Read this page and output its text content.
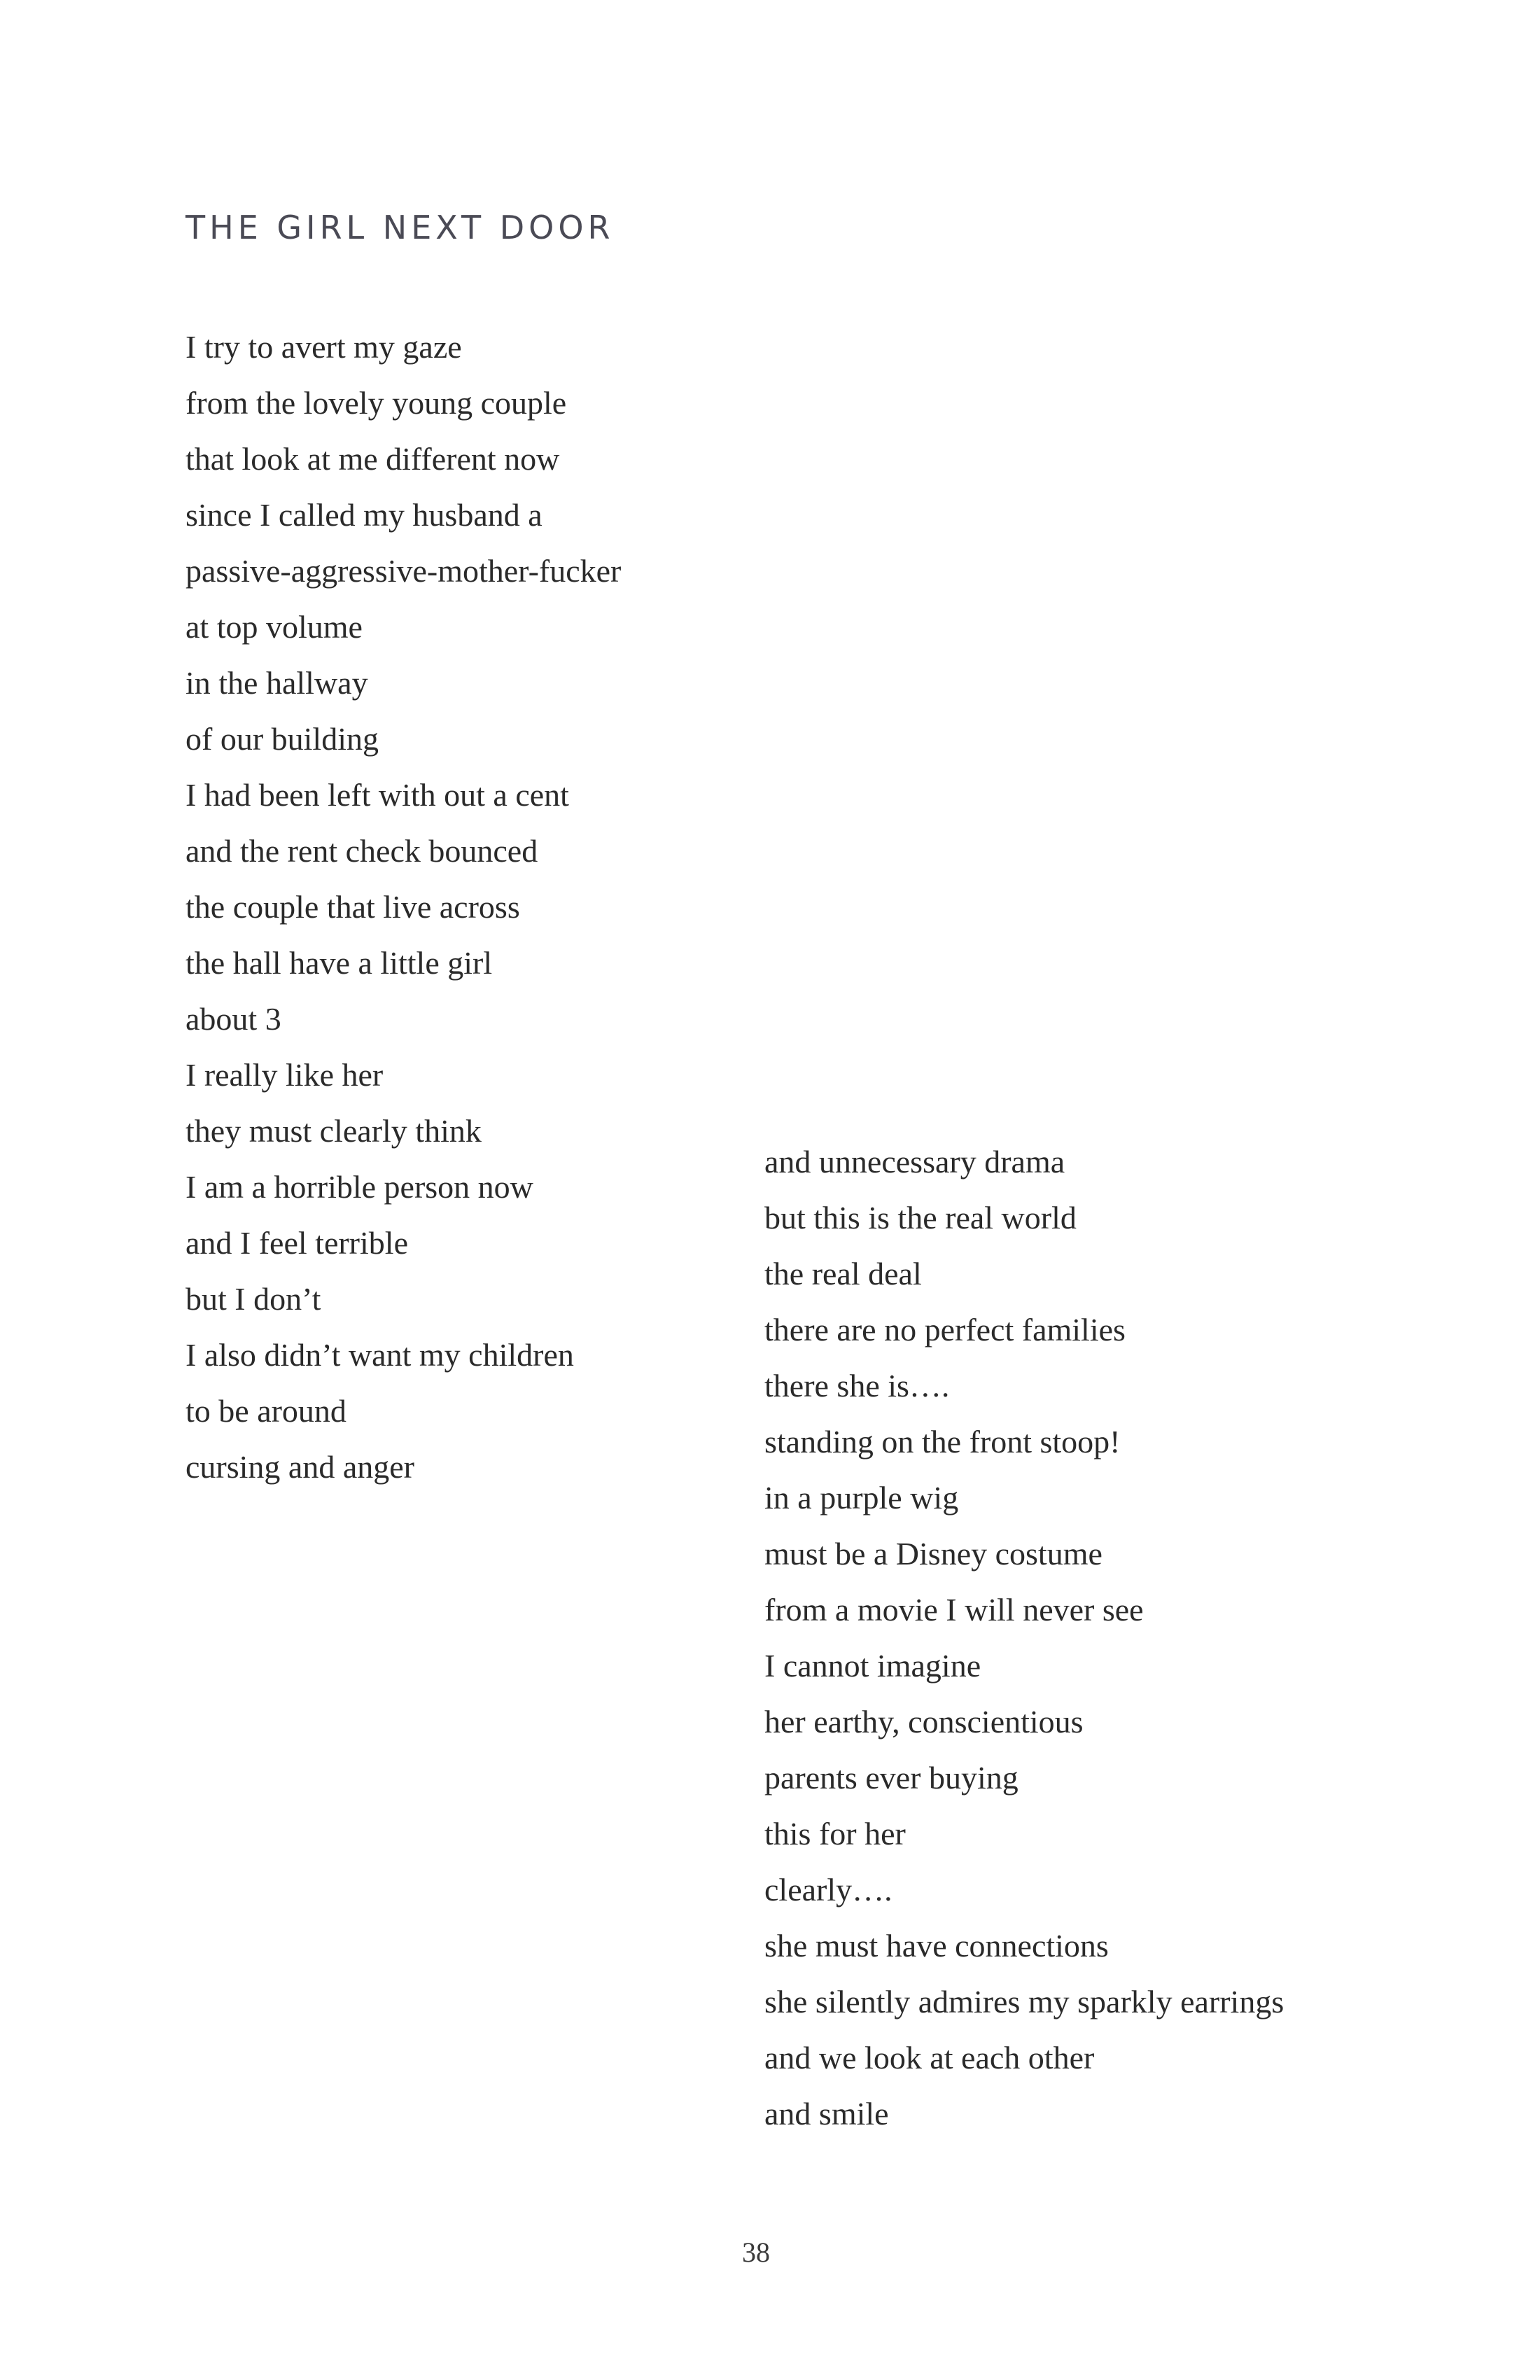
THE GIRL NEXT DOOR
I try to avert my gaze
from the lovely young couple
that look at me different now
since I called my husband a
passive-aggressive-mother-fucker
at top volume
in the hallway
of our building
I had been left with out a cent
and the rent check bounced
the couple that live across
the hall have a little girl
about 3
I really like her
they must clearly think
I am a horrible person now
and I feel terrible
but I don’t
I also didn’t want my children
to be around
cursing and anger
and unnecessary drama
but this is the real world
the real deal
there are no perfect families
there she is….
standing on the front stoop!
in a purple wig
must be a Disney costume
from a movie I will never see
I cannot imagine
her earthy, conscientious
parents ever buying
this for her
clearly….
she must have connections
she silently admires my sparkly earrings
and we look at each other
and smile
38
